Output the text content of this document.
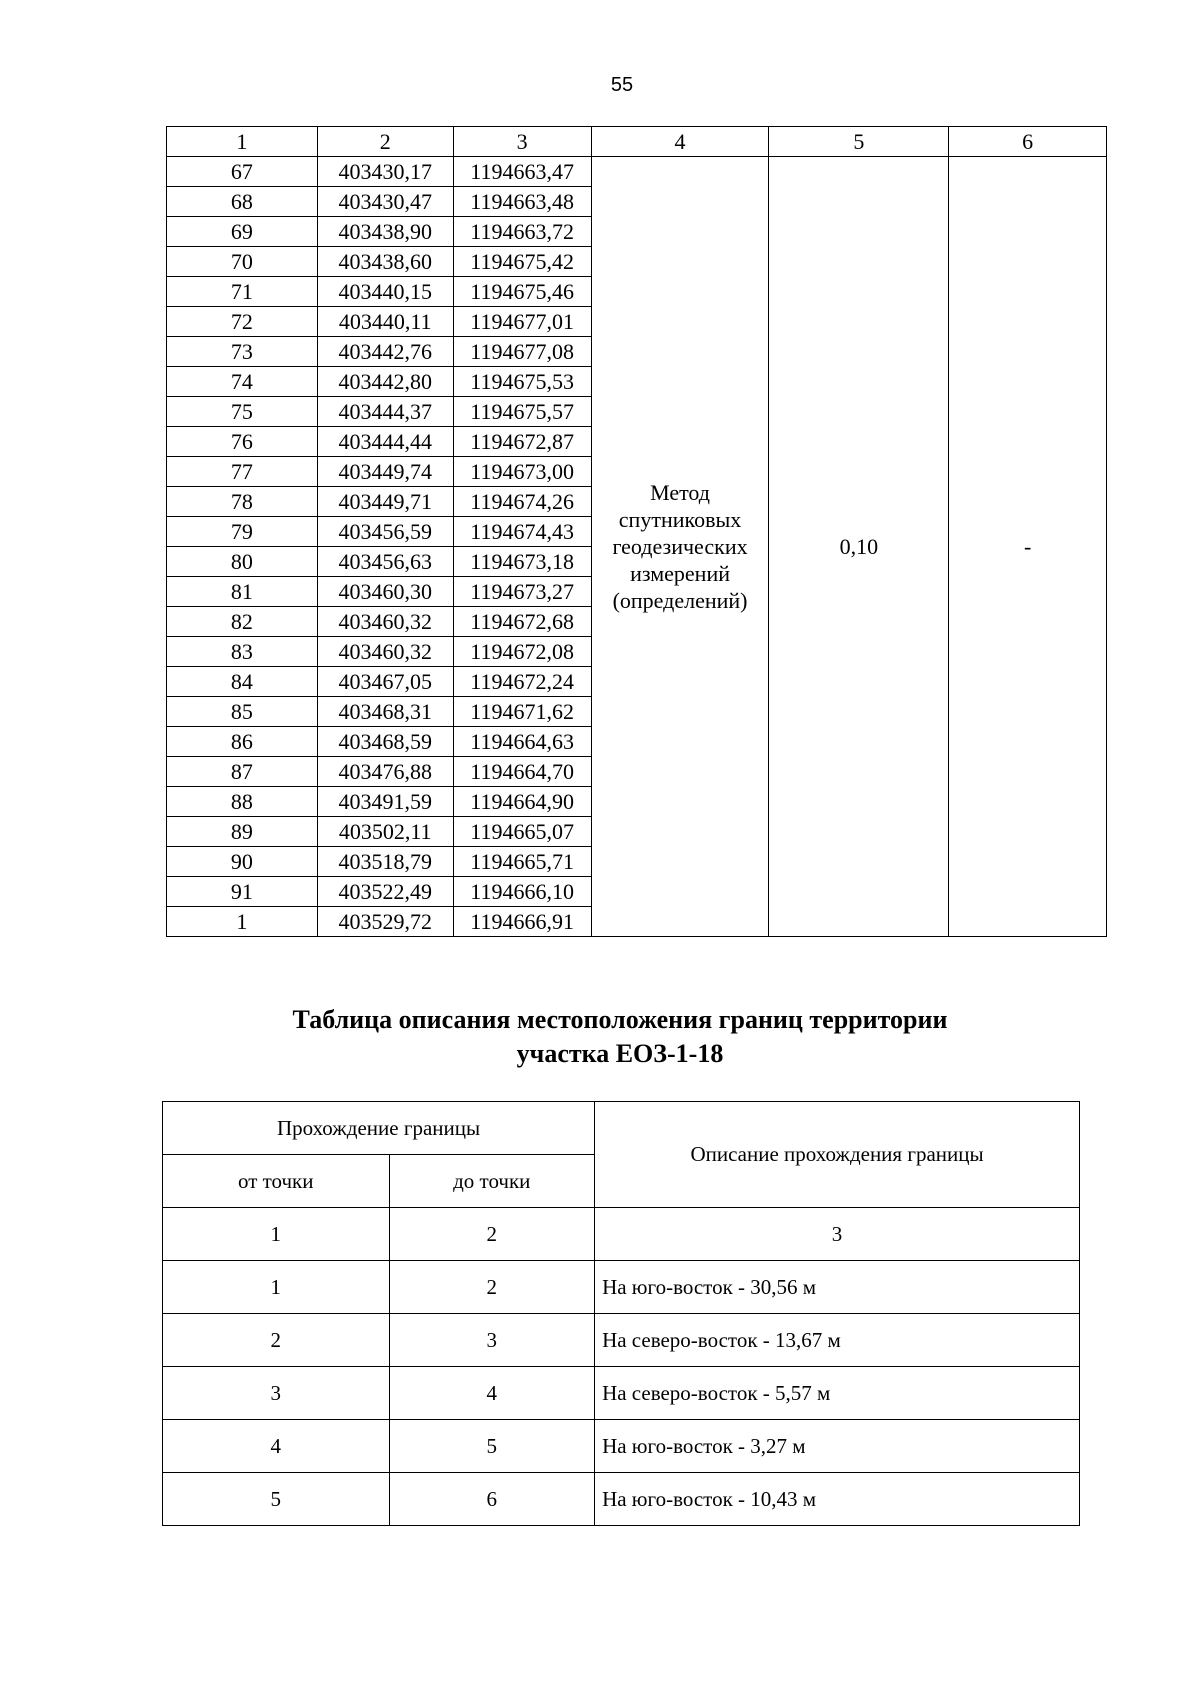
55
1	2	3	4	5	6
67	403430,17	1194663,47	Метод
спутниковых
геодезических
измерений
(определений)	0,10	-
68	403430,47	1194663,48			
69	403438,90	1194663,72			
70	403438,60	1194675,42			
71	403440,15	1194675,46			
72	403440,11	1194677,01			
73	403442,76	1194677,08			
74	403442,80	1194675,53			
75	403444,37	1194675,57			
76	403444,44	1194672,87			
77	403449,74	1194673,00			
78	403449,71	1194674,26			
79	403456,59	1194674,43			
80	403456,63	1194673,18			
81	403460,30	1194673,27			
82	403460,32	1194672,68			
83	403460,32	1194672,08			
84	403467,05	1194672,24			
85	403468,31	1194671,62			
86	403468,59	1194664,63			
87	403476,88	1194664,70			
88	403491,59	1194664,90			
89	403502,11	1194665,07			
90	403518,79	1194665,71			
91	403522,49	1194666,10			
1	403529,72	1194666,91			
Таблица описания местоположения границ территории
участка ЕОЗ-1-18
Прохождение границы		Описание прохождения границы
от точки	до точки	
1	2	3
1	2	На юго-восток - 30,56 м
2	3	На северо-восток - 13,67 м
3	4	На северо-восток - 5,57 м
4	5	На юго-восток - 3,27 м
5	6	На юго-восток - 10,43 м
